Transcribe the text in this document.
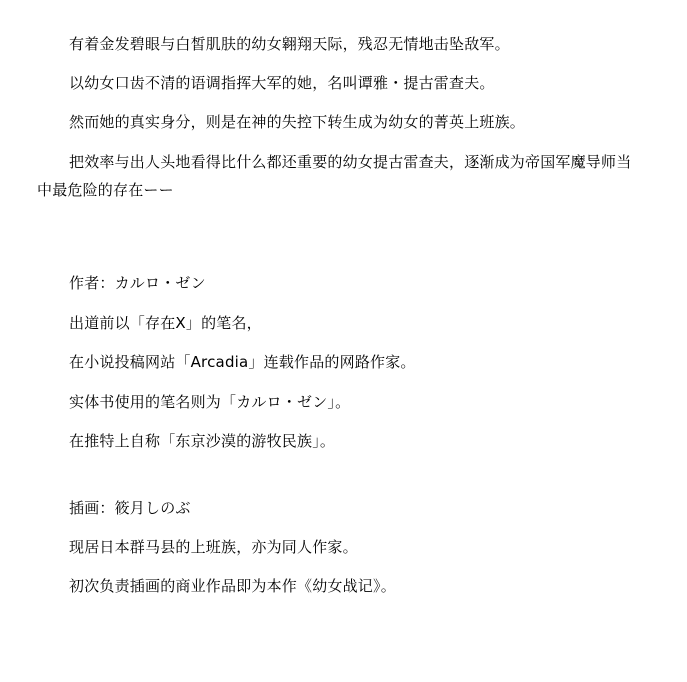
有着金发碧眼与白皙肌肤的幼女翱翔天际，残忍无情地击坠敌军。
以幼女口齿不清的语调指挥大军的她，名叫谭雅・提古雷查夫。
然而她的真实身分，则是在神的失控下转生成为幼女的菁英上班族。
把效率与出人头地看得比什么都还重要的幼女提古雷查夫，逐渐成为帝国军魔导师当
中最危险的存在ーー
作者：カルロ・ゼン
出道前以「存在X」的笔名，
在小说投稿网站「Arcadia」连载作品的网路作家。
实体书使用的笔名则为「カルロ・ゼン」。
在推特上自称「东京沙漠的游牧民族」。
插画：筱月しのぶ
现居日本群马县的上班族，亦为同人作家。
初次负责插画的商业作品即为本作《幼女战记》。
